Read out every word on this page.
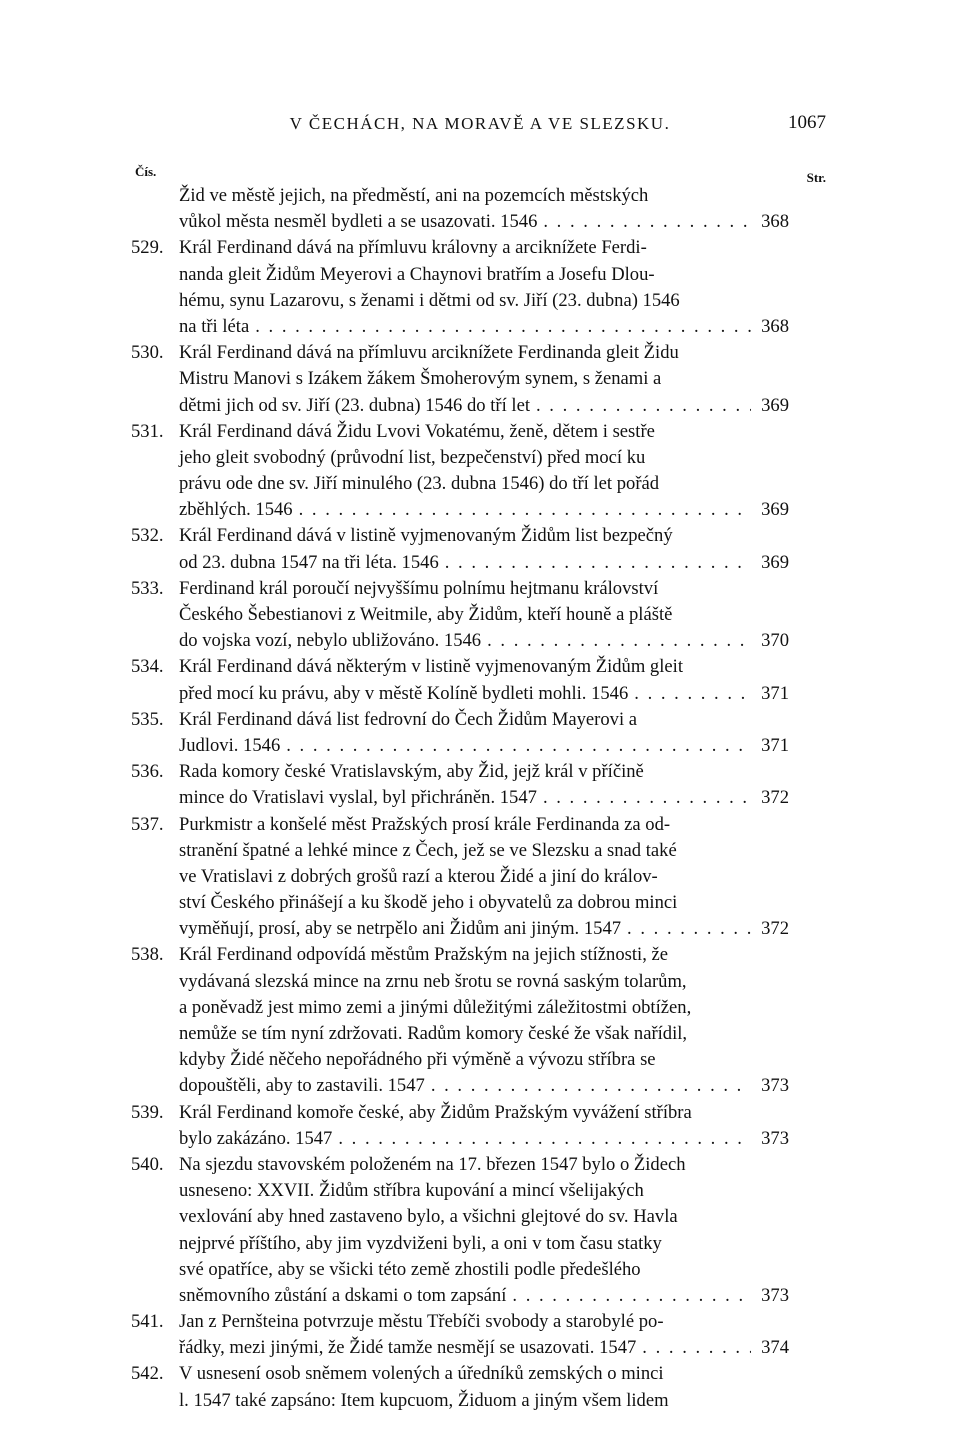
V ČECHÁCH, NA MORAVĚ A VE SLEZSKU.	1067
Čís.	Str.
Žid ve městě jejich, na předměstí, ani na pozemcích městských
vůkol města nesměl bydleti a se usazovati. 1546 . . .	368
529. Král Ferdinand dává na přímluvu královny a arciknížete Ferdi-
nanda gleit Židům Meyerovi a Chaynovi bratřím a Josefu Dlou-
hému, synu Lazarovu, s ženami i dětmi od sv. Jiří (23. dubna) 1546
na tři léta . . .	368
530. Král Ferdinand dává na přímluvu arciknížete Ferdinanda gleit Židu
Mistru Manovi s Izákem žákem Šmoherovým synem, s ženami a
dětmi jich od sv. Jiří (23. dubna) 1546 do tří let . . .	369
531. Král Ferdinand dává Židu Lvovi Vokatému, ženě, dětem i sestře
jeho gleit svobodný (průvodní list, bezpečenství) před mocí ku
právu ode dne sv. Jiří minulého (23. dubna 1546) do tří let pořád
zběhlých. 1546 . . .	369
532. Král Ferdinand dává v listině vyjmenovaným Židům list bezpečný
od 23. dubna 1547 na tři léta. 1546 . . .	369
533. Ferdinand král poroučí nejvyššímu polnímu hejtmanu království
Českého Šebestianovi z Weitmile, aby Židům, kteří houně a pláště
do vojska vozí, nebylo ubližováno. 1546 . . .	370
534. Král Ferdinand dává některým v listině vyjmenovaným Židům gleit
před mocí ku právu, aby v městě Kolíně bydleti mohli. 1546 . . .	371
535. Král Ferdinand dává list fedrovní do Čech Židům Mayerovi a
Judlovi. 1546 . . .	371
536. Rada komory české Vratislavským, aby Žid, jejž král v příčině
mince do Vratislavi vyslal, byl přichráněn. 1547 . . .	372
537. Purkmistr a konšelé měst Pražských prosí krále Ferdinanda za od-
stranění špatné a lehké mince z Čech, jež se ve Slezsku a snad také
ve Vratislavi z dobrých grošů razí a kterou Židé a jiní do králov-
ství Českého přinášejí a ku škodě jeho i obyvatelů za dobrou minci
vyměňují, prosí, aby se netrpělo ani Židům ani jiným. 1547 . . .	372
538. Král Ferdinand odpovídá městům Pražským na jejich stížnosti, že
vydávaná slezská mince na zrnu neb šrotu se rovná saským tolarům,
a poněvadž jest mimo zemi a jinými důležitými záležitostmi obtížen,
nemůže se tím nyní zdržovati. Radům komory české že však nařídil,
kdyby Židé něčeho nepořádného při výměně a vývozu stříbra se
dopouštěli, aby to zastavili. 1547 . . .	373
539. Král Ferdinand komoře české, aby Židům Pražským vyvážení stříbra
bylo zakázáno. 1547 . . .	373
540. Na sjezdu stavovském položeném na 17. březen 1547 bylo o Židech
usneseno: XXVII. Židům stříbra kupování a mincí všelijakých
vexlování aby hned zastaveno bylo, a všichni glejtové do sv. Havla
nejprvé příštího, aby jim vyzdviženi byli, a oni v tom času statky
své opatříce, aby se všicki této země zhostili podle předešlého
sněmovního zůstání a dskami o tom zapsání . . .	373
541. Jan z Pernšteina potvrzuje městu Třebíči svobody a starobylé po-
řádky, mezi jinými, že Židé tamže nesmějí se usazovati. 1547 . . .	374
542. V usnesení osob sněmem volených a úředníků zemských o minci
l. 1547 také zapsáno: Item kupcuom, Židuom a jiným všem lidem
